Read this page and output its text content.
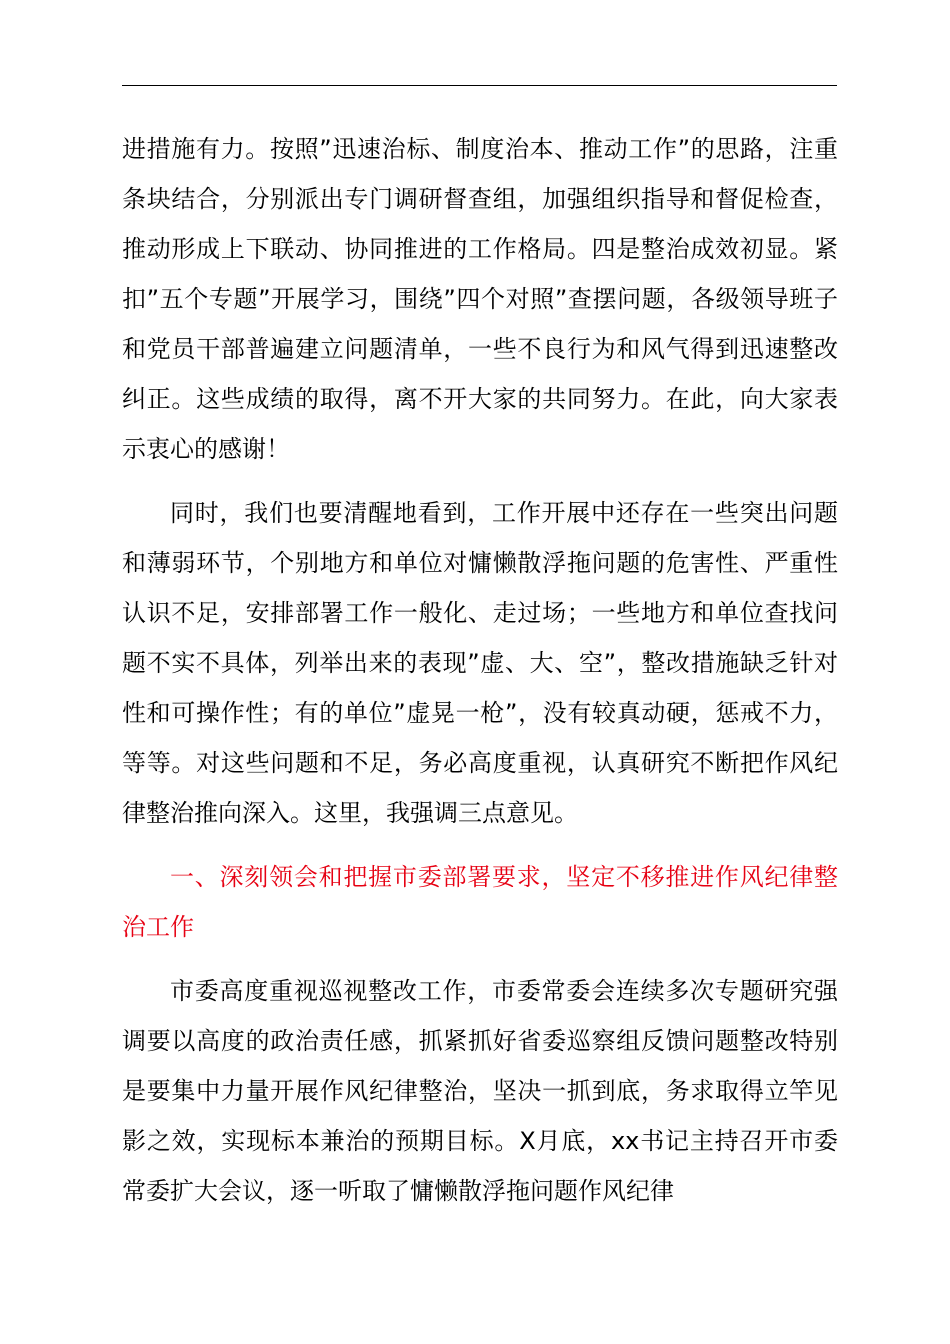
进措施有力。按照”迅速治标、制度治本、推动工作”的思路，注重条块结合，分别派出专门调研督查组，加强组织指导和督促检查，推动形成上下联动、协同推进的工作格局。四是整治成效初显。紧扣”五个专题”开展学习，围绕”四个对照”查摆问题，各级领导班子和党员干部普遍建立问题清单，一些不良行为和风气得到迅速整改纠正。这些成绩的取得，离不开大家的共同努力。在此，向大家表示衷心的感谢！

同时，我们也要清醒地看到，工作开展中还存在一些突出问题和薄弱环节，个别地方和单位对慵懒散浮拖问题的危害性、严重性认识不足，安排部署工作一般化、走过场；一些地方和单位查找问题不实不具体，列举出来的表现”虚、大、空”，整改措施缺乏针对性和可操作性；有的单位”虚晃一枪”，没有较真动硬，惩戒不力，等等。对这些问题和不足，务必高度重视，认真研究不断把作风纪律整治推向深入。这里，我强调三点意见。

一、深刻领会和把握市委部署要求，坚定不移推进作风纪律整治工作

市委高度重视巡视整改工作，市委常委会连续多次专题研究强调要以高度的政治责任感，抓紧抓好省委巡察组反馈问题整改特别是要集中力量开展作风纪律整治，坚决一抓到底，务求取得立竿见影之效，实现标本兼治的预期目标。X月底，xx书记主持召开市委常委扩大会议，逐一听取了慵懒散浮拖问题作风纪律
